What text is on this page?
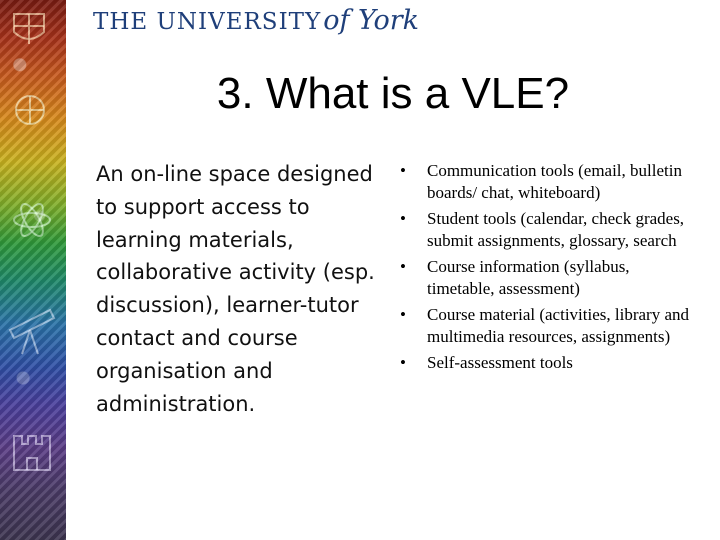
THE UNIVERSITY of York
3. What is a VLE?

An on-line space designed to support access to learning materials, collaborative activity (esp. discussion), learner-tutor contact and course organisation and administration.

• Communication tools (email, bulletin boards/ chat, whiteboard)
• Student tools (calendar, check grades, submit assignments, glossary, search
• Course information (syllabus, timetable, assessment)
• Course material (activities, library and multimedia resources, assignments)
• Self-assessment tools
